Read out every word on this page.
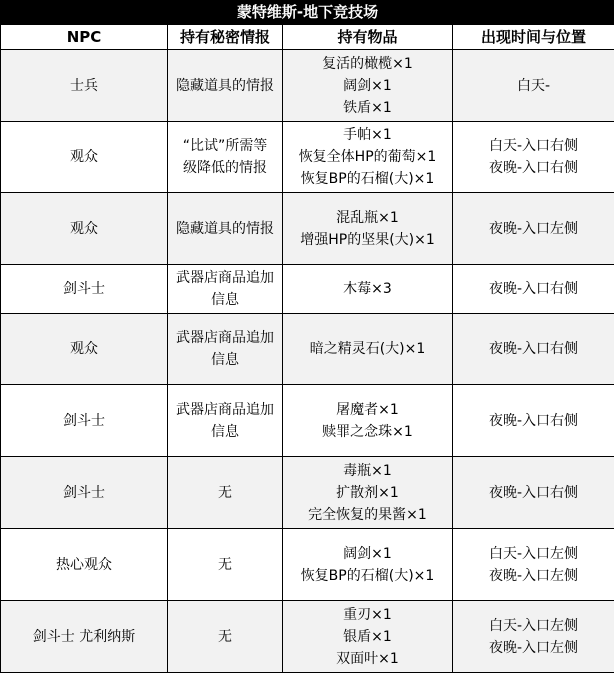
蒙特维斯-地下竞技场			
NPC	持有秘密情报	持有物品	出现时间与位置
士兵	隐藏道具的情报	复活的橄榄×1
阔剑×1
铁盾×1	白天-

观众	“比试”所需等
级降低的情报	手帕×1
恢复全体HP的葡萄×1
恢复BP的石榴(大)×1	白天-入口右侧
夜晚-入口右侧

观众	隐藏道具的情报	混乱瓶×1
增强HP的坚果(大)×1	夜晚-入口左侧

剑斗士	武器店商品追加
信息	木莓×3	夜晚-入口右侧

观众	武器店商品追加
信息	暗之精灵石(大)×1	夜晚-入口右侧

剑斗士	武器店商品追加
信息	屠魔者×1
赎罪之念珠×1	夜晚-入口右侧

剑斗士	无	毒瓶×1
扩散剂×1
完全恢复的果酱×1	夜晚-入口右侧

热心观众	无	阔剑×1
恢复BP的石榴(大)×1	白天-入口左侧
夜晚-入口左侧

剑斗士 尤利纳斯	无	重刃×1
银盾×1
双面叶×1	白天-入口左侧
夜晚-入口左侧
